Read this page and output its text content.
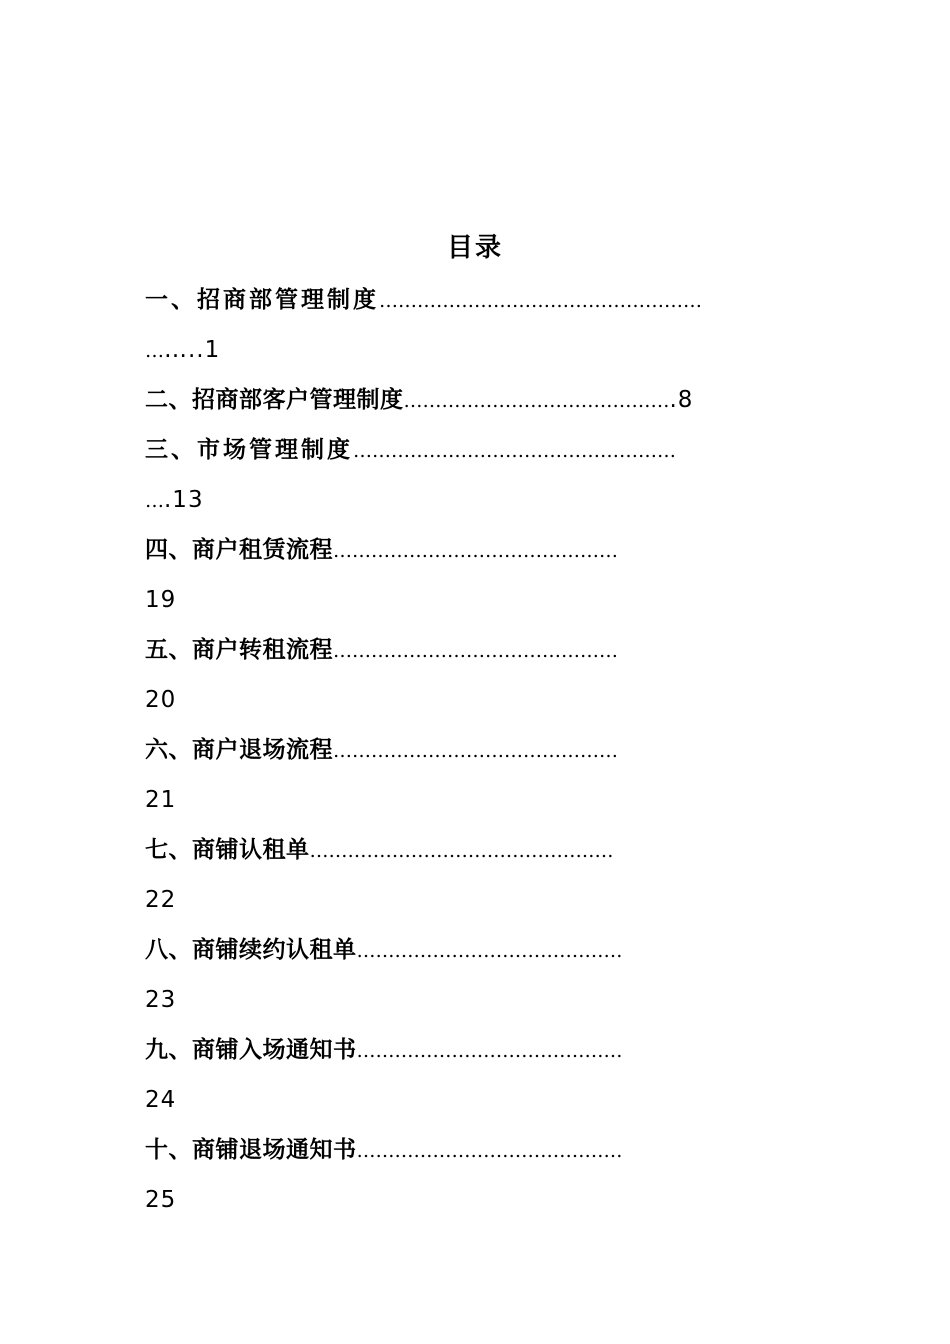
目录
一、招商部管理制度……………………………………………
……..1
二、招商部客户管理制度…………………………………….8
三、市场管理制度……………………………………………
….13
四、商户租赁流程………………………………………
19
五、商户转租流程………………………………………
20
六、商户退场流程………………………………………
21
七、商铺认租单…………………………………………
22
八、商铺续约认租单……………………………………
23
九、商铺入场通知书……………………………………
24
十、商铺退场通知书……………………………………
25
